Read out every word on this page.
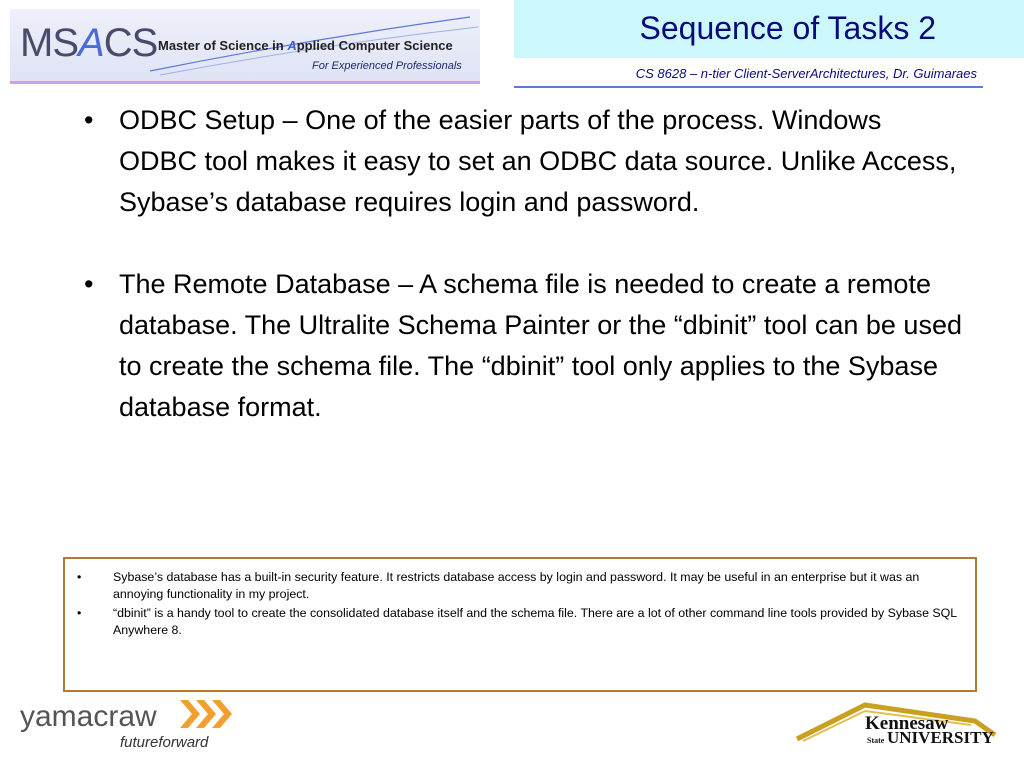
MSACS Master of Science in Applied Computer Science
For Experienced Professionals
Sequence of Tasks 2
CS 8628 – n-tier Client-ServerArchitectures, Dr. Guimaraes
• ODBC Setup – One of the easier parts of the process. Windows ODBC tool makes it easy to set an ODBC data source. Unlike Access, Sybase’s database requires login and password.
• The Remote Database – A schema file is needed to create a remote database. The Ultralite Schema Painter or the “dbinit” tool can be used to create the schema file. The “dbinit” tool only applies to the Sybase database format.
•	Sybase’s database has a built-in security feature. It restricts database access by login and password. It may be useful in an enterprise but it was an annoying functionality in my project.
•	“dbinit” is a handy tool to create the consolidated database itself and the schema file. There are a lot of other command line tools provided by Sybase SQL Anywhere 8.
yamacraw
futureforward
Kennesaw
State UNIVERSITY
